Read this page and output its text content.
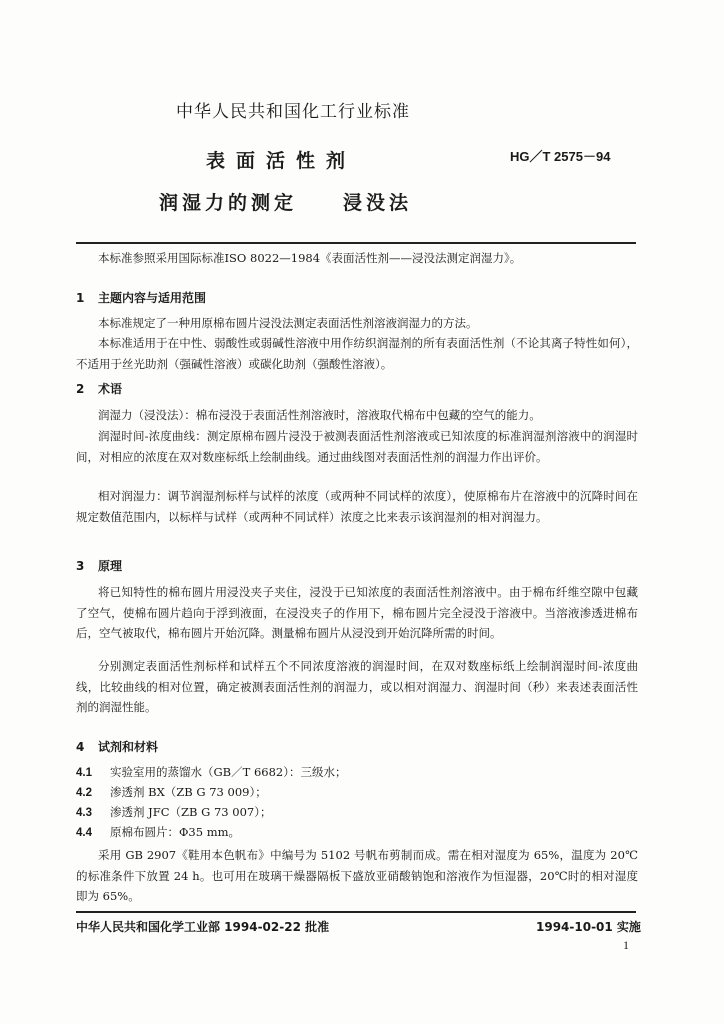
中华人民共和国化工行业标准
HG／T 2575－94
表面活性剂
润湿力的测定　　浸没法
本标准参照采用国际标准ISO 8022—1984《表面活性剂——浸没法测定润湿力》。
1 主题内容与适用范围
本标准规定了一种用原棉布圆片浸没法测定表面活性剂溶液润湿力的方法。
本标准适用于在中性、弱酸性或弱碱性溶液中用作纺织润湿剂的所有表面活性剂（不论其离子特性如何），不适用于丝光助剂（强碱性溶液）或碳化助剂（强酸性溶液）。
2 术语
润湿力（浸没法）：棉布浸没于表面活性剂溶液时，溶液取代棉布中包藏的空气的能力。
润湿时间-浓度曲线：测定原棉布圆片浸没于被测表面活性剂溶液或已知浓度的标准润湿剂溶液中的润湿时间，对相应的浓度在双对数座标纸上绘制曲线。通过曲线图对表面活性剂的润湿力作出评价。
相对润湿力：调节润湿剂标样与试样的浓度（或两种不同试样的浓度），使原棉布片在溶液中的沉降时间在规定数值范围内，以标样与试样（或两种不同试样）浓度之比来表示该润湿剂的相对润湿力。
3 原理
将已知特性的棉布圆片用浸没夹子夹住，浸没于已知浓度的表面活性剂溶液中。由于棉布纤维空隙中包藏了空气，使棉布圆片趋向于浮到液面，在浸没夹子的作用下，棉布圆片完全浸没于溶液中。当溶液渗透进棉布后，空气被取代，棉布圆片开始沉降。测量棉布圆片从浸没到开始沉降所需的时间。
分别测定表面活性剂标样和试样五个不同浓度溶液的润湿时间，在双对数座标纸上绘制润湿时间-浓度曲线，比较曲线的相对位置，确定被测表面活性剂的润湿力，或以相对润湿力、润湿时间（秒）来表述表面活性剂的润湿性能。
4 试剂和材料
4.1 实验室用的蒸馏水（GB／T 6682）：三级水；
4.2 渗透剂 BX（ZB G 73 009）；
4.3 渗透剂 JFC（ZB G 73 007）；
4.4 原棉布圆片：Φ35 mm。
采用 GB 2907《鞋用本色帆布》中编号为 5102 号帆布剪制而成。需在相对湿度为 65%，温度为 20℃的标准条件下放置 24 h。也可用在玻璃干燥器隔板下盛放亚硝酸钠饱和溶液作为恒湿器，20℃时的相对湿度即为 65%。
中华人民共和国化学工业部 1994-02-22 批准	1994-10-01 实施
1
